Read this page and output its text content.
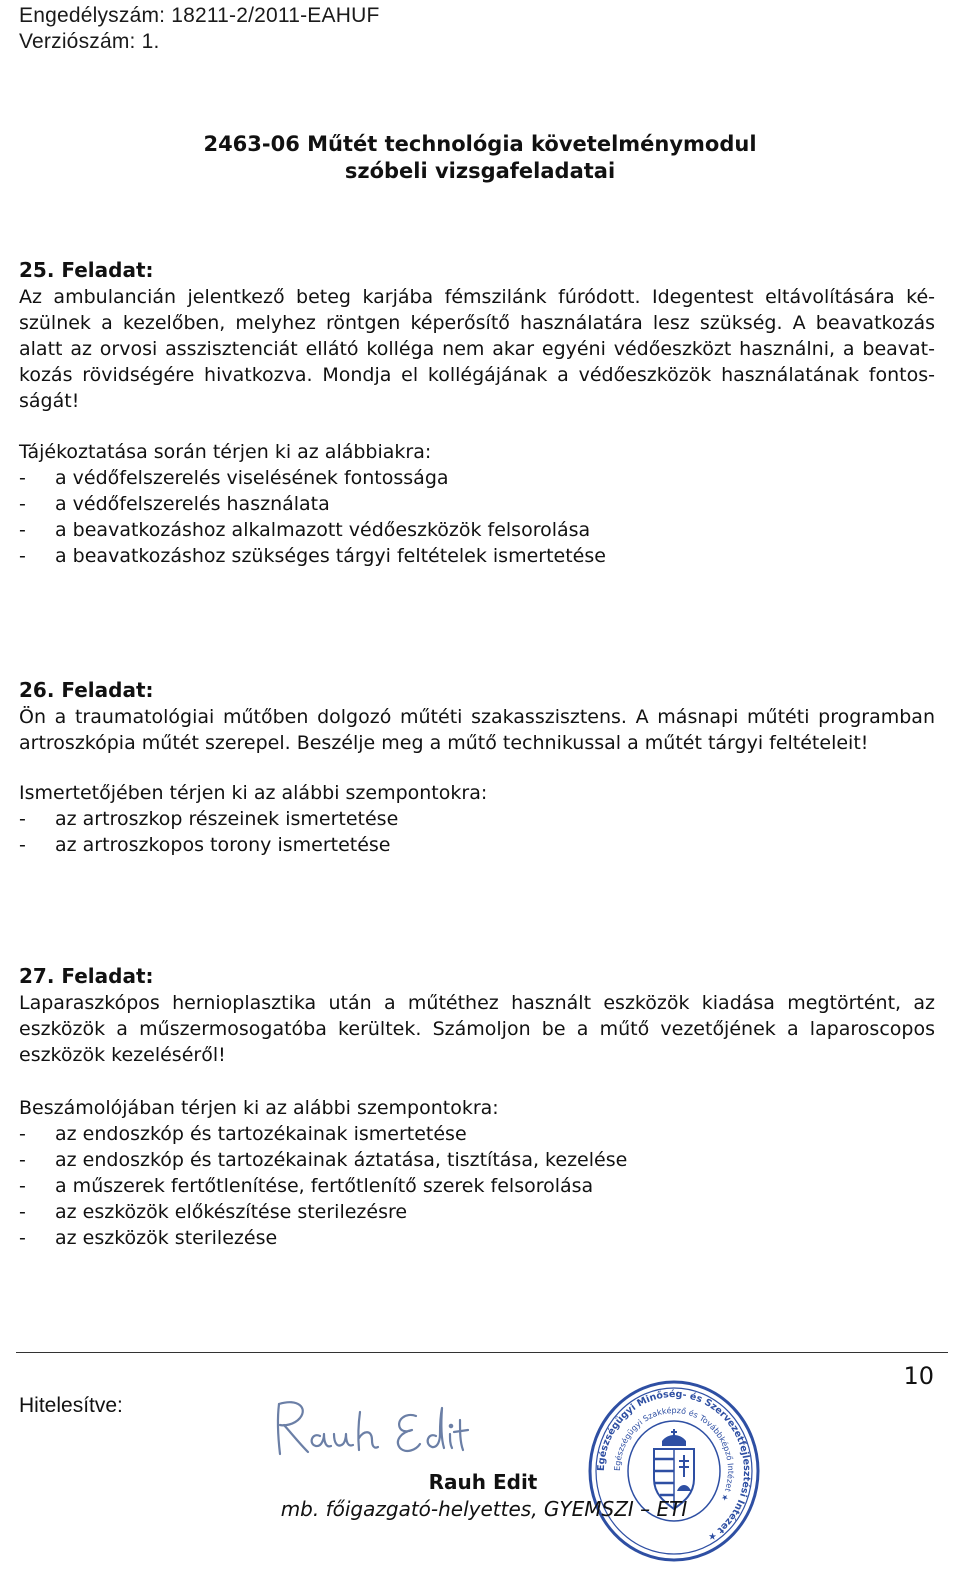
Engedélyszám: 18211-2/2011-EAHUF
Verziószám: 1.
2463-06 Műtét technológia követelménymodul
szóbeli vizsgafeladatai
25. Feladat:
Az ambulancián jelentkező beteg karjába fémszilánk fúródott. Idegentest eltávolítására ké-
szülnek a kezelőben, melyhez röntgen képerősítő használatára lesz szükség. A beavatkozás
alatt az orvosi asszisztenciát ellátó kolléga nem akar egyéni védőeszközt használni, a beavat-
kozás rövidségére hivatkozva. Mondja el kollégájának a védőeszközök használatának fontos-
ságát!
Tájékoztatása során térjen ki az alábbiakra:
- a védőfelszerelés viselésének fontossága
- a védőfelszerelés használata
- a beavatkozáshoz alkalmazott védőeszközök felsorolása
- a beavatkozáshoz szükséges tárgyi feltételek ismertetése
26. Feladat:
Ön a traumatológiai műtőben dolgozó műtéti szakasszisztens. A másnapi műtéti programban
artroszkópia műtét szerepel. Beszélje meg a műtő technikussal a műtét tárgyi feltételeit!
Ismertetőjében térjen ki az alábbi szempontokra:
- az artroszkop részeinek ismertetése
- az artroszkopos torony ismertetése
27. Feladat:
Laparaszkópos hernioplasztika után a műtéthez használt eszközök kiadása megtörtént, az
eszközök a műszermosogatóba kerültek. Számoljon be a műtő vezetőjének a laparoscopos
eszközök kezeléséről!
Beszámolójában térjen ki az alábbi szempontokra:
- az endoszkóp és tartozékainak ismertetése
- az endoszkóp és tartozékainak áztatása, tisztítása, kezelése
- a műszerek fertőtlenítése, fertőtlenítő szerek felsorolása
- az eszközök előkészítése sterilezésre
- az eszközök sterilezése
10
Hitelesítve:
Egészségügyi Minőség- és Szervezetfejlesztési Intézet ★
Egészségügyi Szakképző és Továbbképző Intézet ★
Rauh Edit
mb. főigazgató-helyettes, GYEMSZI – ETI
